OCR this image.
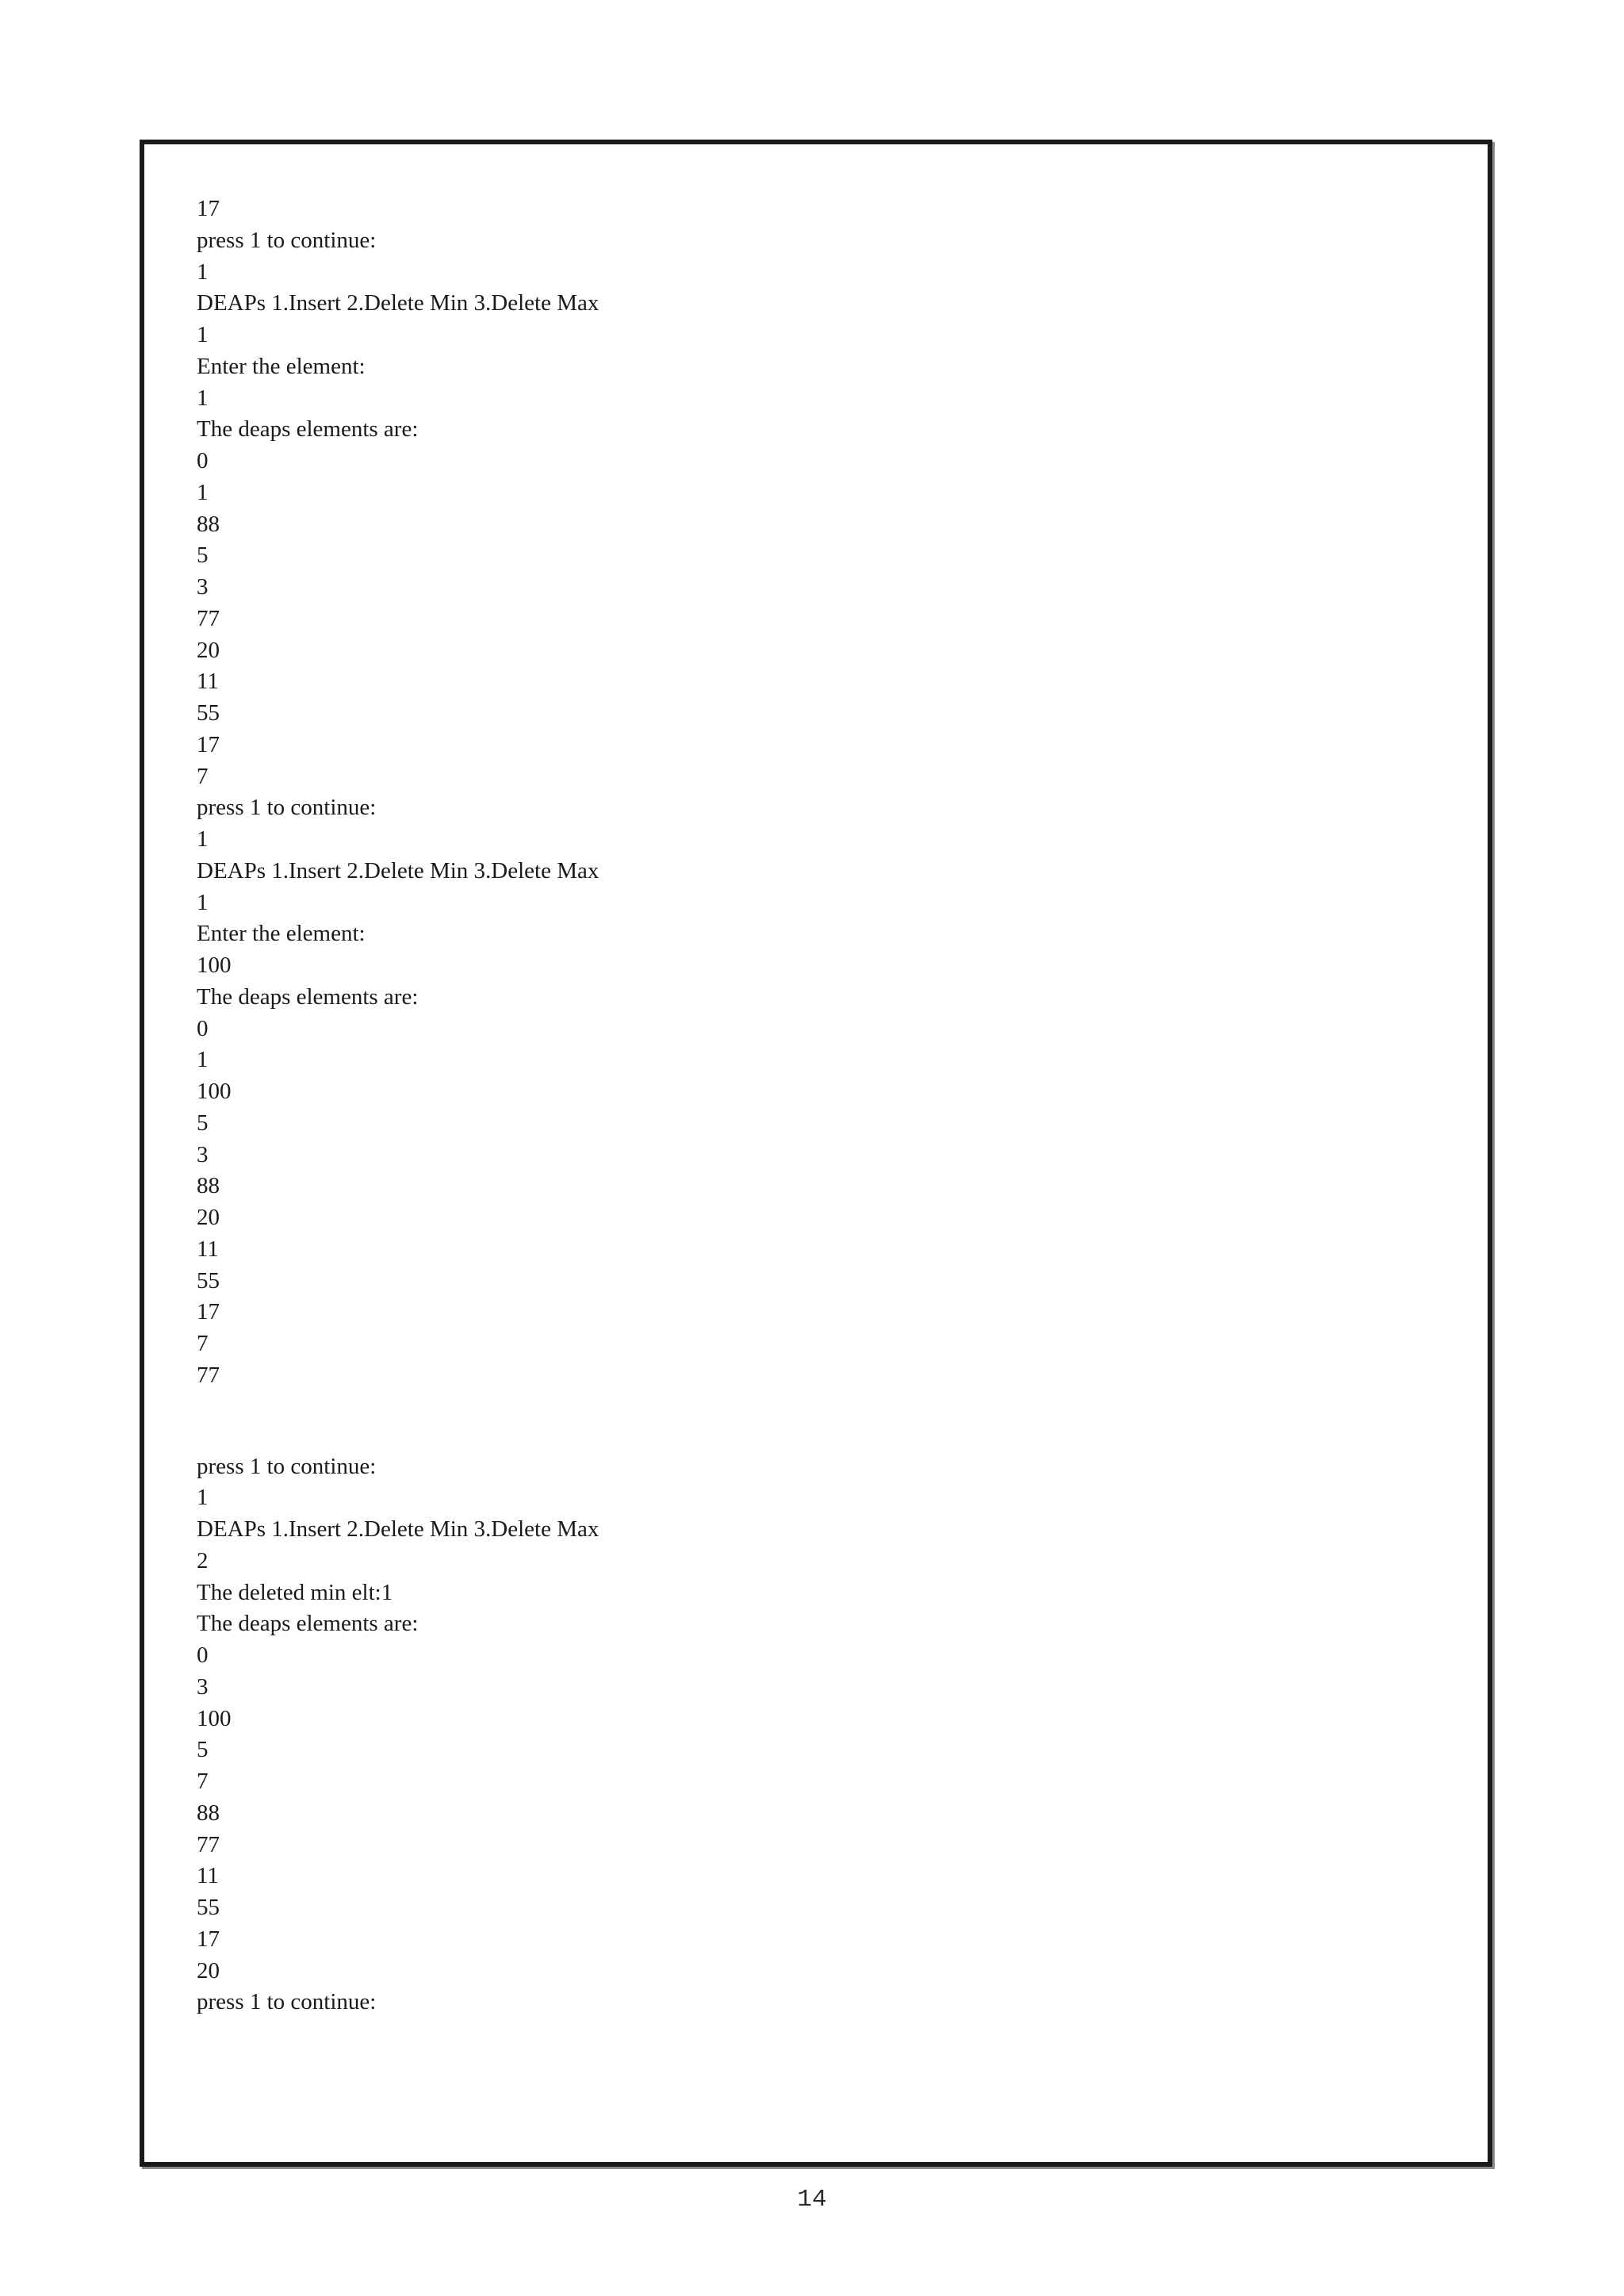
17
press 1 to continue:
1
DEAPs 1.Insert 2.Delete Min 3.Delete Max
1
Enter the element:
1
The deaps elements are:
0
1
88
5
3
77
20
11
55
17
7
press 1 to continue:
1
DEAPs 1.Insert 2.Delete Min 3.Delete Max
1
Enter the element:
100
The deaps elements are:
0
1
100
5
3
88
20
11
55
17
7
77
press 1 to continue:
1
DEAPs 1.Insert 2.Delete Min 3.Delete Max
2
The deleted min elt:1
The deaps elements are:
0
3
100
5
7
88
77
11
55
17
20
press 1 to continue:
14
